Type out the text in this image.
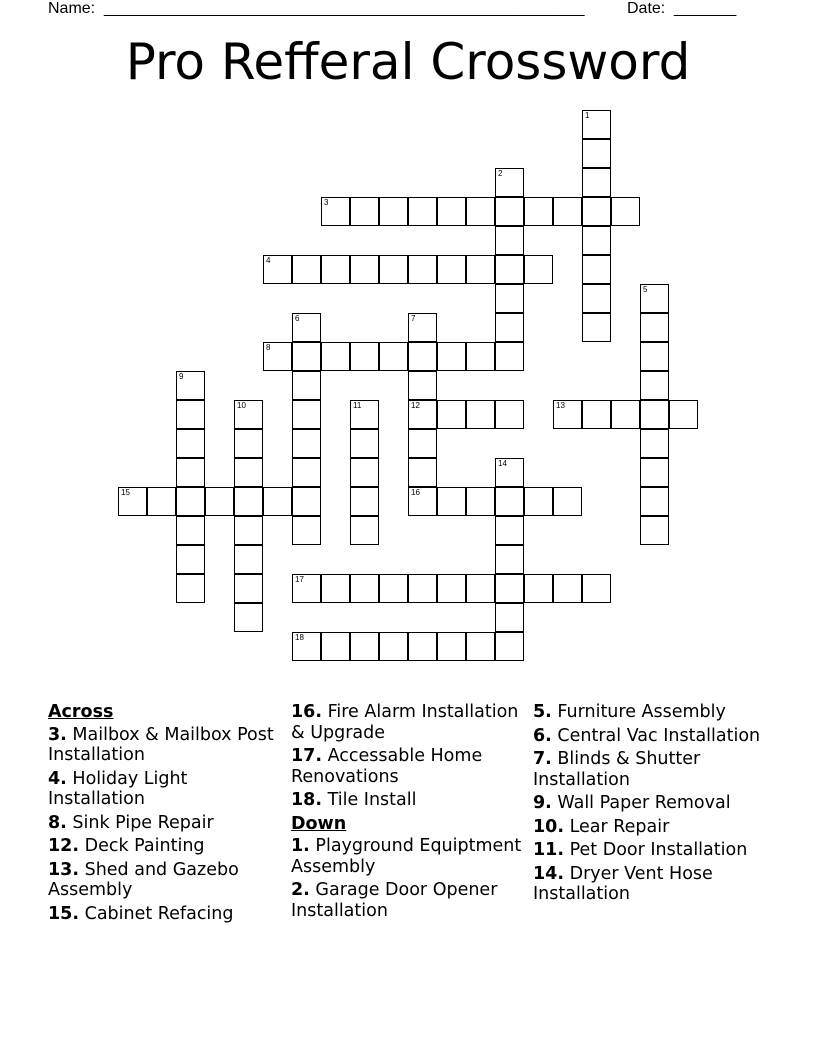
Name: ______________________________________________________	Date: _______
Pro Refferal Crossword
1
2
3
4
5
6	7
12
8
9
10	11	13
14
15	16
17
18
Across
3. Mailbox & Mailbox Post Installation
4. Holiday Light Installation
8. Sink Pipe Repair
12. Deck Painting
13. Shed and Gazebo Assembly
15. Cabinet Refacing
16. Fire Alarm Installation & Upgrade
17. Accessable Home Renovations
18. Tile Install
Down
1. Playground Equiptment Assembly
2. Garage Door Opener Installation
5. Furniture Assembly
6. Central Vac Installation
7. Blinds & Shutter Installation
9. Wall Paper Removal
10. Lear Repair
11. Pet Door Installation
14. Dryer Vent Hose Installation
